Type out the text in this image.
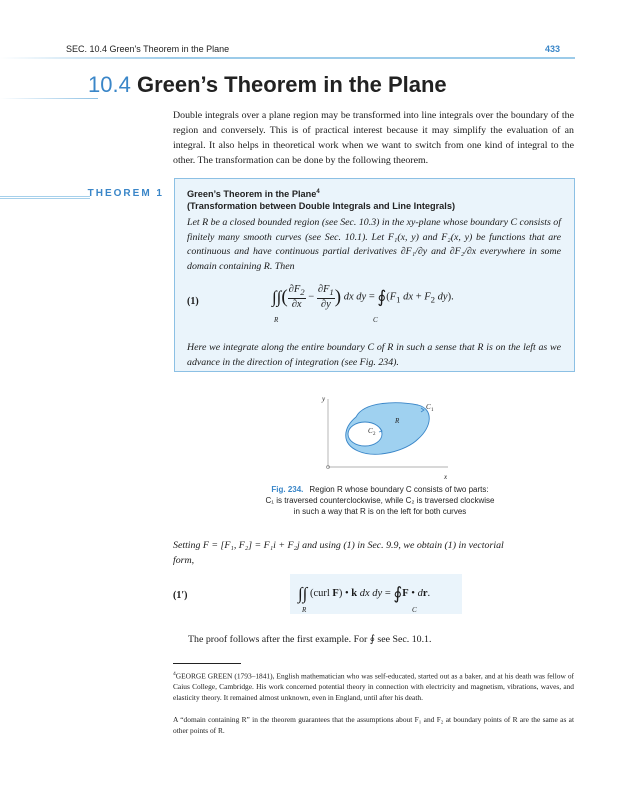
SEC. 10.4 Green's Theorem in the Plane	433
10.4 Green’s Theorem in the Plane
Double integrals over a plane region may be transformed into line integrals over the boundary of the region and conversely. This is of practical interest because it may simplify the evaluation of an integral. It also helps in theoretical work when we want to switch from one kind of integral to the other. The transformation can be done by the following theorem.
THEOREM 1	Green’s Theorem in the Plane$^4$
(Transformation between Double Integrals and Line Integrals)
Let R be a closed bounded region (see Sec. 10.3) in the xy-plane whose boundary C consists of finitely many smooth curves (see Sec. 10.1). Let F₁(x, y) and F₂(x, y) be functions that are continuous and have continuous partial derivatives ∂F₁/∂y and ∂F₂/∂x everywhere in some domain containing R. Then
(1)	∫∫( $\frac{\partial F_2}{\partial x} - \frac{\partial F_1}{\partial y}$ ) dx dy = $∮(F_1$ dx + $F_2$ dy).
R	C
Here we integrate along the entire boundary C of R in such a sense that R is on the left as we advance in the direction of integration (see Fig. 234).
y
x
R
C 1
C 2
Fig. 234. Region R whose boundary C consists of two parts:
C₁ is traversed counterclockwise, while C₂ is traversed clockwise
in such a way that R is on the left for both curves
Setting F = [F₁, F₂] = F₁i + F₂j and using (1) in Sec. 9.9, we obtain (1) in vectorial
form,
(1′)	∫∫ (curl F) • k dx dy = ∮F • dr.
R	C
The proof follows after the first example. For ∮ see Sec. 10.1.
$^4$GEORGE GREEN (1793–1841), English mathematician who was self-educated, started out as a baker, and at his death was fellow of Caius College, Cambridge. His work concerned potential theory in connection with electricity and magnetism, vibrations, waves, and elasticity theory. It remained almost unknown, even in England, until after his death.
A “domain containing R” in the theorem guarantees that the assumptions about F₁ and F₂ at boundary points of R are the same as at other points of R.
